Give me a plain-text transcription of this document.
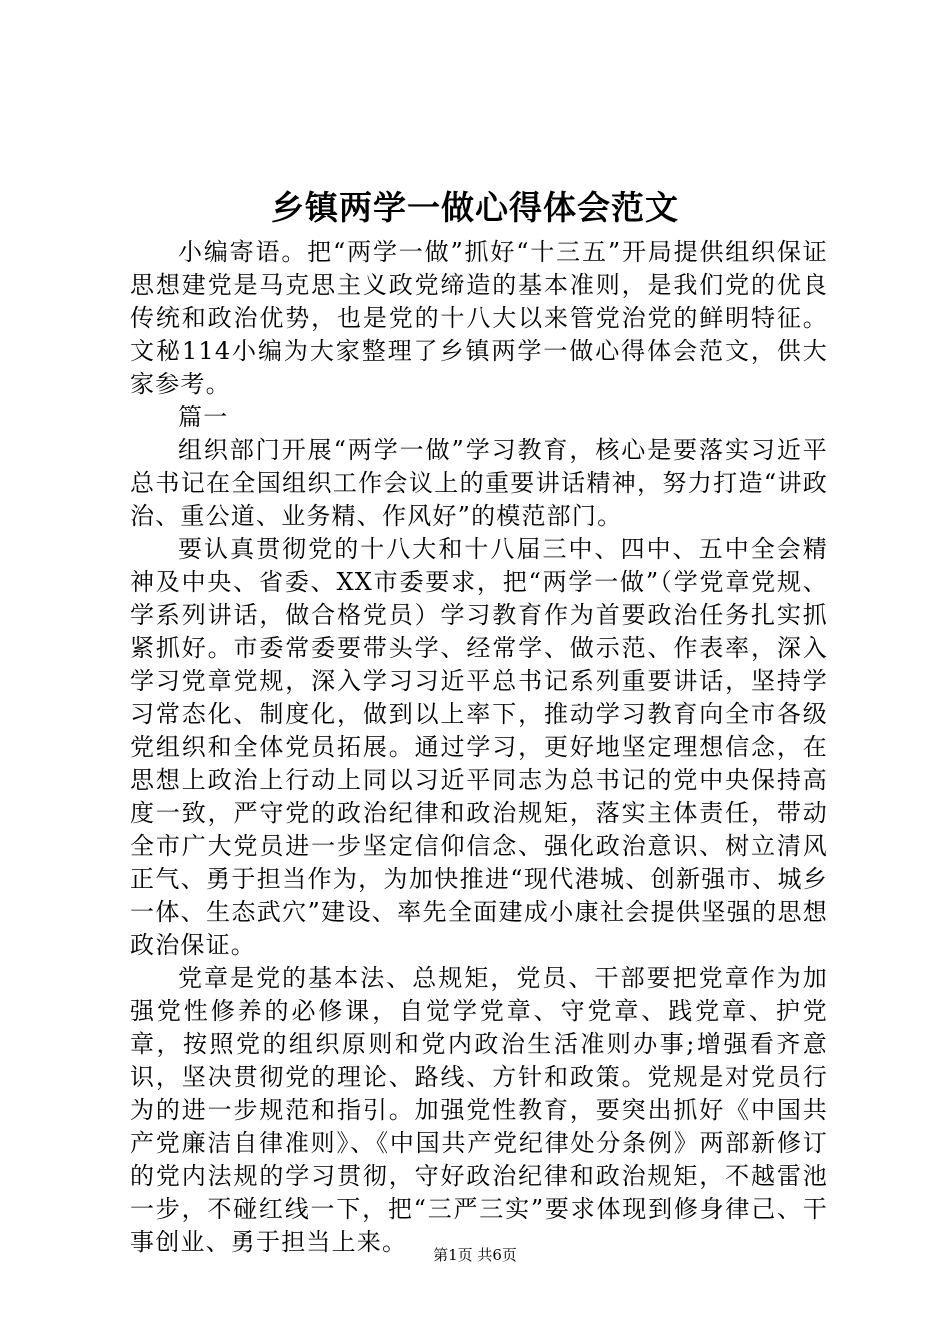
乡镇两学一做心得体会范文

小编寄语。把“两学一做”抓好“十三五”开局提供组织保证思想建党是马克思主义政党缔造的基本准则，是我们党的优良传统和政治优势，也是党的十八大以来管党治党的鲜明特征。文秘114小编为大家整理了乡镇两学一做心得体会范文，供大家参考。

篇一

组织部门开展“两学一做”学习教育，核心是要落实习近平总书记在全国组织工作会议上的重要讲话精神，努力打造“讲政治、重公道、业务精、作风好”的模范部门。

要认真贯彻党的十八大和十八届三中、四中、五中全会精神及中央、省委、XX市委要求，把“两学一做”（学党章党规、学系列讲话，做合格党员）学习教育作为首要政治任务扎实抓紧抓好。市委常委要带头学、经常学、做示范、作表率，深入学习党章党规，深入学习习近平总书记系列重要讲话，坚持学习常态化、制度化，做到以上率下，推动学习教育向全市各级党组织和全体党员拓展。通过学习，更好地坚定理想信念，在思想上政治上行动上同以习近平同志为总书记的党中央保持高度一致，严守党的政治纪律和政治规矩，落实主体责任，带动全市广大党员进一步坚定信仰信念、强化政治意识、树立清风正气、勇于担当作为，为加快推进“现代港城、创新强市、城乡一体、生态武穴”建设、率先全面建成小康社会提供坚强的思想政治保证。

党章是党的基本法、总规矩，党员、干部要把党章作为加强党性修养的必修课，自觉学党章、守党章、践党章、护党章，按照党的组织原则和党内政治生活准则办事;增强看齐意识，坚决贯彻党的理论、路线、方针和政策。党规是对党员行为的进一步规范和指引。加强党性教育，要突出抓好《中国共产党廉洁自律准则》、《中国共产党纪律处分条例》两部新修订的党内法规的学习贯彻，守好政治纪律和政治规矩，不越雷池一步，不碰红线一下，把“三严三实”要求体现到修身律己、干事创业、勇于担当上来。	第1页 共6页
